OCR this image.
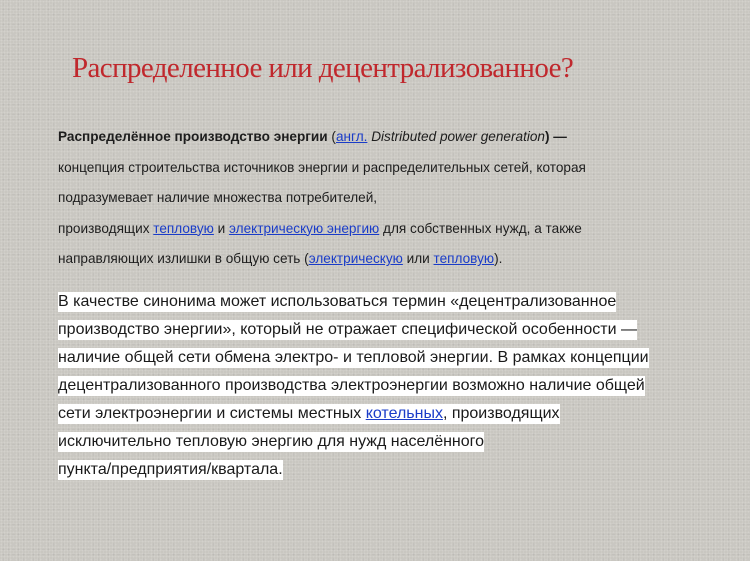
Распределенное или децентрализованное?
Распределённое производство энергии (англ. Distributed power generation) —
концепция строительства источников энергии и распределительных сетей, которая
подразумевает наличие множества потребителей,
производящих тепловую и электрическую энергию для собственных нужд, а также
направляющих излишки в общую сеть (электрическую или тепловую).
В качестве синонима может использоваться термин «децентрализованное
производство энергии», который не отражает специфической особенности —
наличие общей сети обмена электро- и тепловой энергии. В рамках концепции
децентрализованного производства электроэнергии возможно наличие общей
сети электроэнергии и системы местных котельных, производящих
исключительно тепловую энергию для нужд населённого
пункта/предприятия/квартала.
